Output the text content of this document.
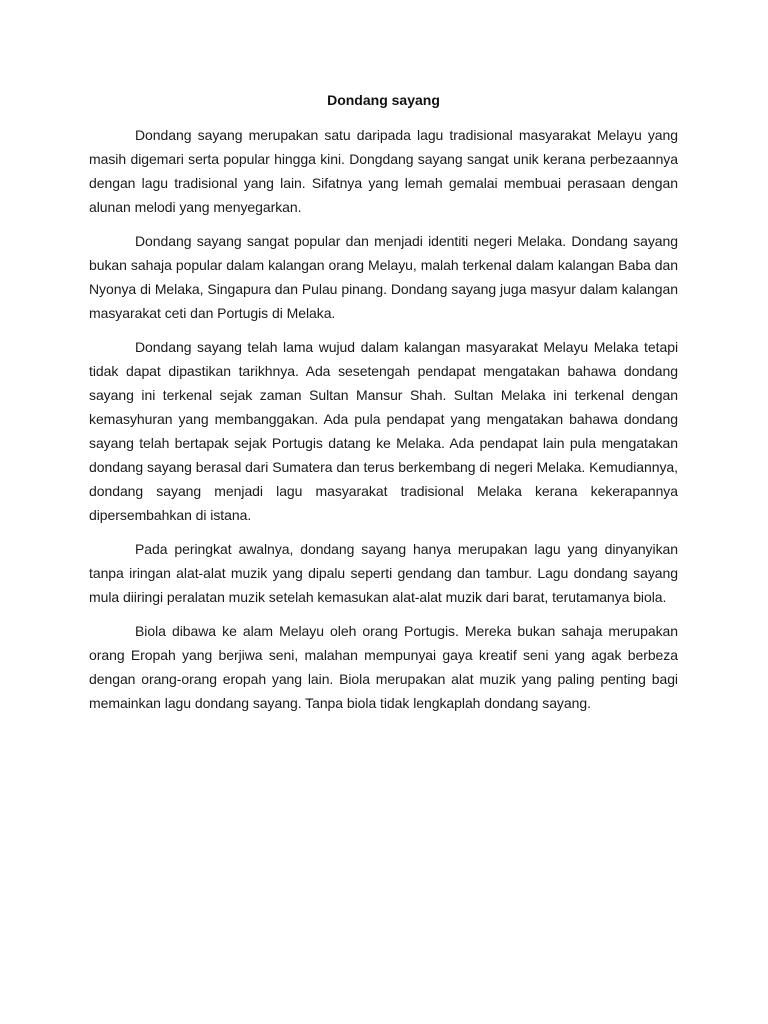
Dondang sayang

Dondang sayang merupakan satu daripada lagu tradisional masyarakat Melayu yang masih digemari serta popular hingga kini. Dongdang sayang sangat unik kerana perbezaannya dengan lagu tradisional yang lain. Sifatnya yang lemah gemalai membuai perasaan dengan alunan melodi yang menyegarkan.

Dondang sayang sangat popular dan menjadi identiti negeri Melaka. Dondang sayang bukan sahaja popular dalam kalangan orang Melayu, malah terkenal dalam kalangan Baba dan Nyonya di Melaka, Singapura dan Pulau pinang. Dondang sayang juga masyur dalam kalangan masyarakat ceti dan Portugis di Melaka.

Dondang sayang telah lama wujud dalam kalangan masyarakat Melayu Melaka tetapi tidak dapat dipastikan tarikhnya. Ada sesetengah pendapat mengatakan bahawa dondang sayang ini terkenal sejak zaman Sultan Mansur Shah. Sultan Melaka ini terkenal dengan kemasyhuran yang membanggakan. Ada pula pendapat yang mengatakan bahawa dondang sayang telah bertapak sejak Portugis datang ke Melaka. Ada pendapat lain pula mengatakan dondang sayang berasal dari Sumatera dan terus berkembang di negeri Melaka. Kemudiannya, dondang sayang menjadi lagu masyarakat tradisional Melaka kerana kekerapannya dipersembahkan di istana.

Pada peringkat awalnya, dondang sayang hanya merupakan lagu yang dinyanyikan tanpa iringan alat-alat muzik yang dipalu seperti gendang dan tambur. Lagu dondang sayang mula diiringi peralatan muzik setelah kemasukan alat-alat muzik dari barat, terutamanya biola.

Biola dibawa ke alam Melayu oleh orang Portugis. Mereka bukan sahaja merupakan orang Eropah yang berjiwa seni, malahan mempunyai gaya kreatif seni yang agak berbeza dengan orang-orang eropah yang lain. Biola merupakan alat muzik yang paling penting bagi memainkan lagu dondang sayang. Tanpa biola tidak lengkaplah dondang sayang.
